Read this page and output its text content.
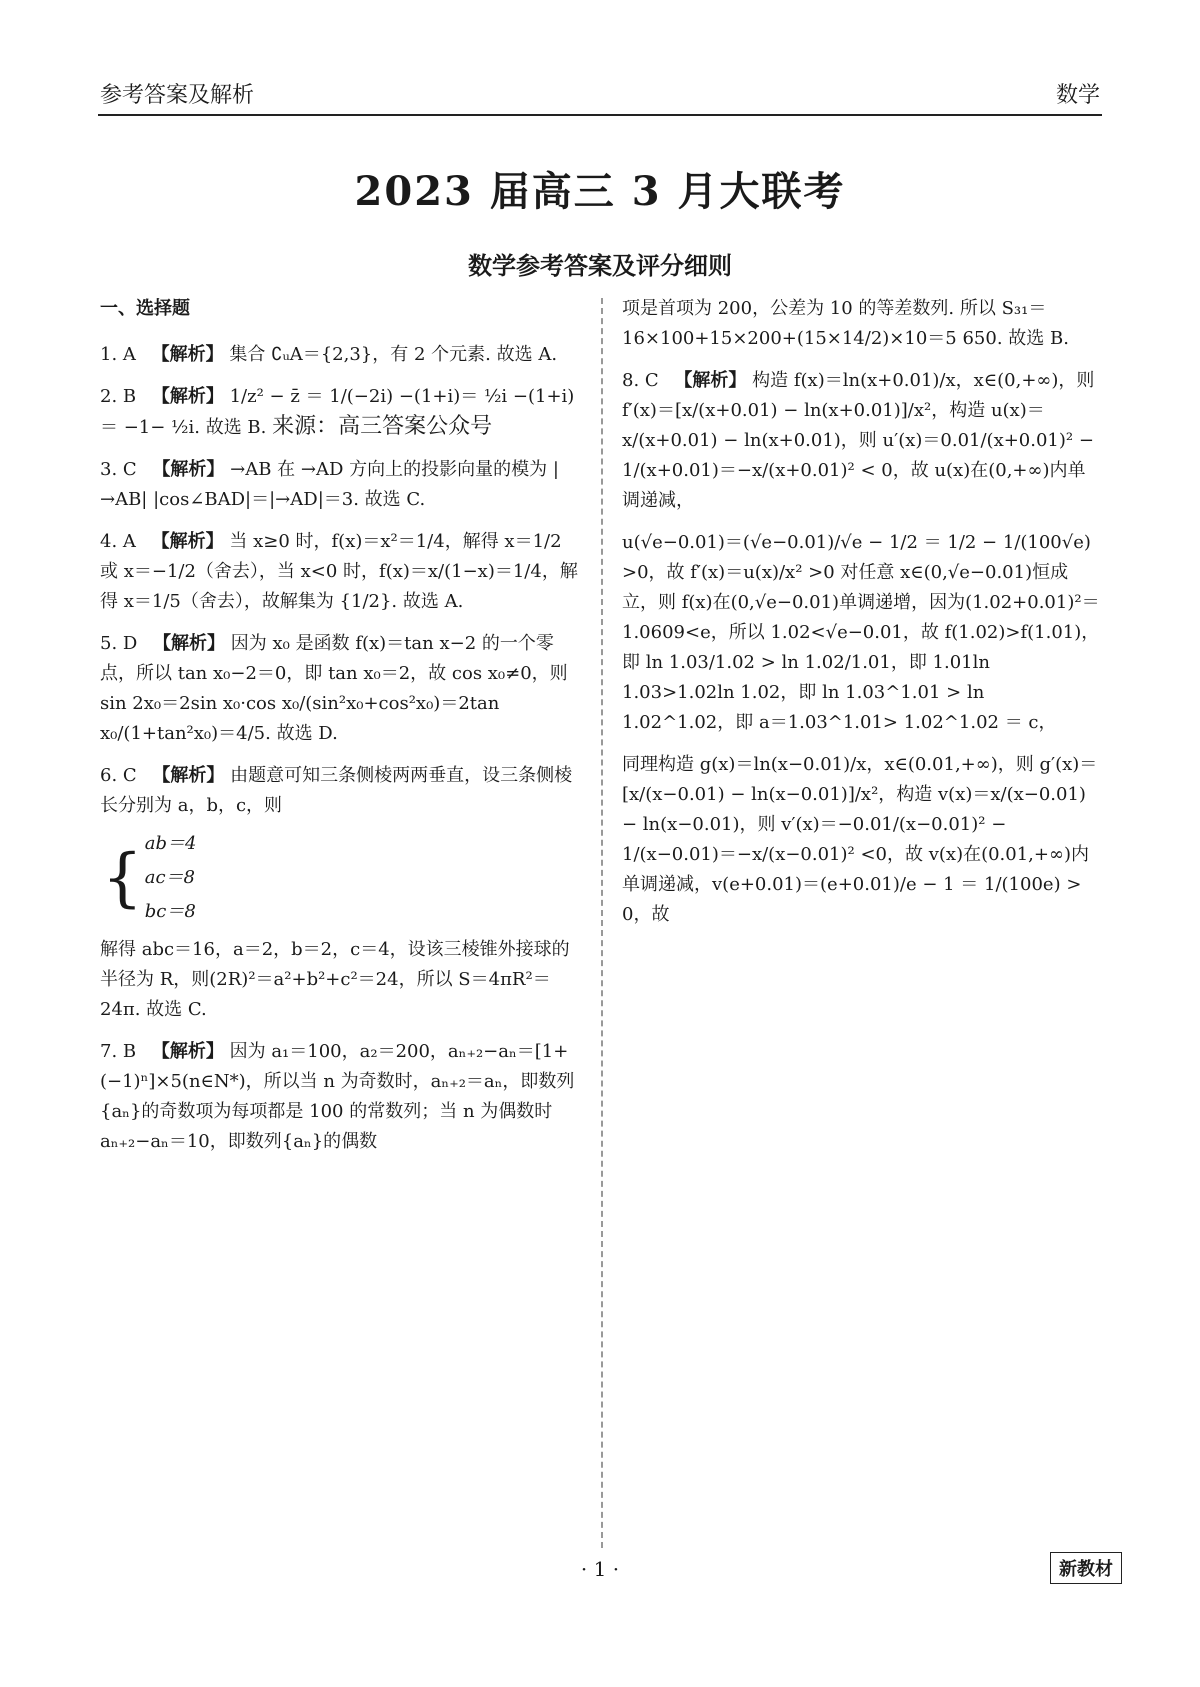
参考答案及解析	数学
2023 届高三 3 月大联考
数学参考答案及评分细则
一、选择题
1. A 【解析】 集合 ∁ᵤA＝{2,3}，有 2 个元素. 故选 A.
2. B 【解析】 1/z² − z̄ ＝ 1/(−2i) −(1+i)＝ ½i −(1+i)＝ −1− ½i. 故选 B. 来源：高三答案公众号
3. C 【解析】 →AB 在 →AD 方向上的投影向量的模为 |→AB| |cos∠BAD|＝|→AD|＝3. 故选 C.
4. A 【解析】 当 x≥0 时，f(x)＝x²＝1/4，解得 x＝1/2 或 x＝−1/2（舍去），当 x<0 时，f(x)＝x/(1−x)＝1/4，解得 x＝1/5（舍去），故解集为 {1/2}. 故选 A.
5. D 【解析】 因为 x₀ 是函数 f(x)＝tan x−2 的一个零点，所以 tan x₀−2＝0，即 tan x₀＝2，故 cos x₀≠0，则 sin 2x₀＝2sin x₀·cos x₀/(sin²x₀+cos²x₀)＝2tan x₀/(1+tan²x₀)＝4/5. 故选 D.
6. C 【解析】 由题意可知三条侧棱两两垂直，设三条侧棱长分别为 a，b，c，则
{ ab＝4
ac＝8
bc＝8
解得 abc＝16，a＝2，b＝2，c＝4，设该三棱锥外接球的半径为 R，则(2R)²＝a²+b²+c²＝24，所以 S＝4πR²＝24π. 故选 C.
7. B 【解析】 因为 a₁＝100，a₂＝200，aₙ₊₂−aₙ＝[1+(−1)ⁿ]×5(n∈N*)，所以当 n 为奇数时，aₙ₊₂＝aₙ，即数列{aₙ}的奇数项为每项都是 100 的常数列；当 n 为偶数时 aₙ₊₂−aₙ＝10，即数列{aₙ}的偶数
项是首项为 200，公差为 10 的等差数列. 所以 S₃₁＝16×100+15×200+(15×14/2)×10＝5 650. 故选 B.
8. C 【解析】 构造 f(x)＝ln(x+0.01)/x，x∈(0,+∞)，则 f′(x)＝[x/(x+0.01) − ln(x+0.01)]/x²，构造 u(x)＝x/(x+0.01) − ln(x+0.01)，则 u′(x)＝0.01/(x+0.01)² − 1/(x+0.01)＝−x/(x+0.01)² < 0，故 u(x)在(0,+∞)内单调递减，
u(√e−0.01)＝(√e−0.01)/√e − 1/2 ＝ 1/2 − 1/(100√e) >0，故 f′(x)＝u(x)/x² >0 对任意 x∈(0,√e−0.01)恒成立，则 f(x)在(0,√e−0.01)单调递增，因为(1.02+0.01)²＝1.0609<e，所以 1.02<√e−0.01，故 f(1.02)>f(1.01)，即 ln 1.03/1.02 > ln 1.02/1.01，即 1.01ln 1.03>1.02ln 1.02，即 ln 1.03^1.01 > ln 1.02^1.02，即 a＝1.03^1.01> 1.02^1.02 ＝ c，
同理构造 g(x)＝ln(x−0.01)/x，x∈(0.01,+∞)，则 g′(x)＝[x/(x−0.01) − ln(x−0.01)]/x²，构造 v(x)＝x/(x−0.01) − ln(x−0.01)，则 v′(x)＝−0.01/(x−0.01)² − 1/(x−0.01)＝−x/(x−0.01)² <0，故 v(x)在(0.01,+∞)内单调递减，v(e+0.01)＝(e+0.01)/e − 1 ＝ 1/(100e) > 0，故
· 1 ·	新教材
